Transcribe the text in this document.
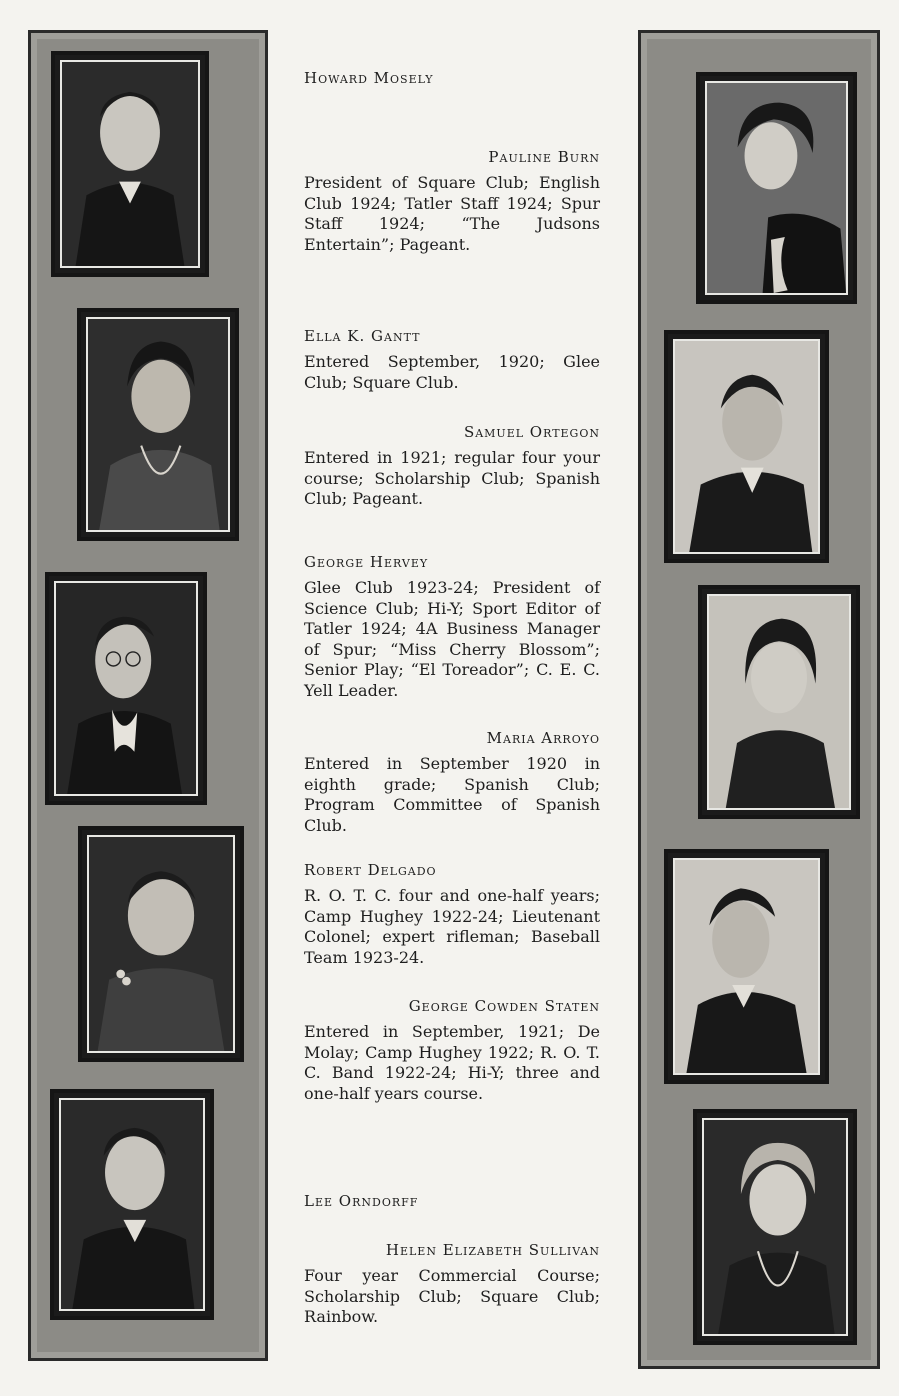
Howard Mosely

Pauline Burn

President of Square Club; English Club 1924; Tatler Staff 1924; Spur Staff 1924; “The Judsons Entertain”; Pageant.

Ella K. Gantt

Entered September, 1920; Glee Club; Square Club.

Samuel Ortegon

Entered in 1921; regular four your course; Scholarship Club; Spanish Club; Pageant.

George Hervey

Glee Club 1923-24; President of Science Club; Hi-Y; Sport Editor of Tatler 1924; 4A Business Manager of Spur; “Miss Cherry Blossom”; Senior Play; “El Toreador”; C. E. C. Yell Leader.

Maria Arroyo

Entered in September 1920 in eighth grade; Spanish Club; Program Committee of Spanish Club.

Robert Delgado

R. O. T. C. four and one-half years; Camp Hughey 1922-24; Lieutenant Colonel; expert rifleman; Baseball Team 1923-24.

George Cowden Staten

Entered in September, 1921; De Molay; Camp Hughey 1922; R. O. T. C. Band 1922-24; Hi-Y; three and one-half years course.

Lee Orndorff

Helen Elizabeth Sullivan

Four year Commercial Course; Scholarship Club; Square Club; Rainbow.
